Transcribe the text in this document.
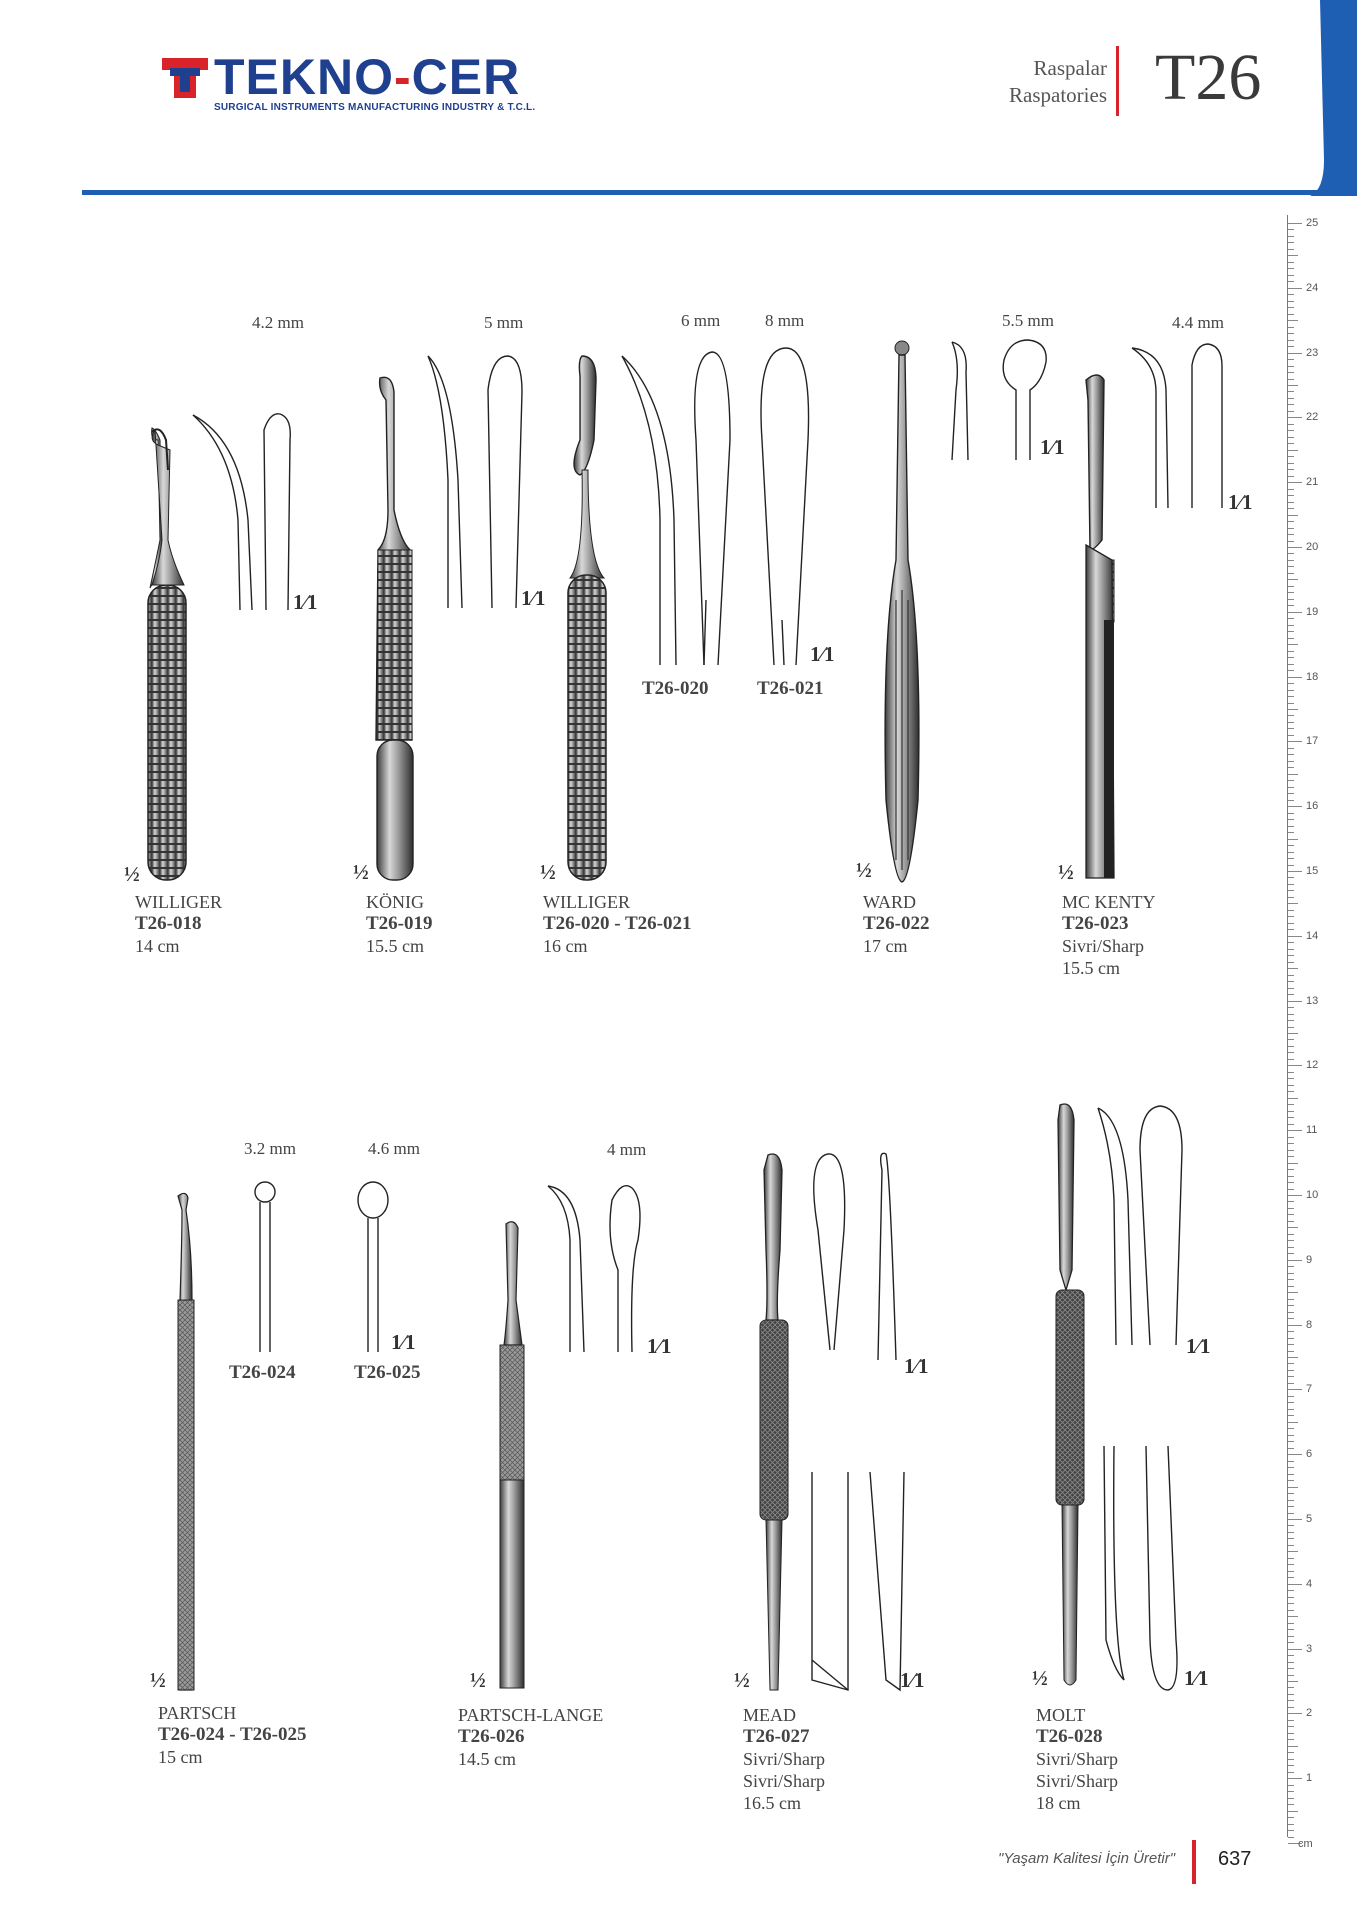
TEKNO-CER
SURGICAL INSTRUMENTS MANUFACTURING INDUSTRY & T.C.L.
Raspalar
Raspatories T26
4.2 mm	5 mm	6 mm	8 mm	5.5 mm	4.4 mm
3.2 mm	4.6 mm	4 mm
T26-020	T26-021
T26-024	T26-025
½
1⁄1
½
1⁄1
½
1⁄1
½
1⁄1
½
1⁄1
½
1⁄1
½
1⁄1
½
1⁄1
1⁄1	½
1⁄1
1⁄1
WILLIGER
T26-018
14 cm
KÖNIG
T26-019
15.5 cm
WILLIGER
T26-020 - T26-021
16 cm
WARD
T26-022
17 cm
MC KENTY
T26-023
Sivri/Sharp
15.5 cm
PARTSCH
T26-024 - T26-025
15 cm
PARTSCH-LANGE
T26-026
14.5 cm
MEAD
T26-027
Sivri/Sharp
Sivri/Sharp
16.5 cm
MOLT
T26-028
Sivri/Sharp
Sivri/Sharp
18 cm
25
24
23
22
21
20
19
18
17
16
15
14
13
12
11
10
9
8
7
6
5
4
3
2
1
cm
"Yaşam Kalitesi İçin Üretir" 637
